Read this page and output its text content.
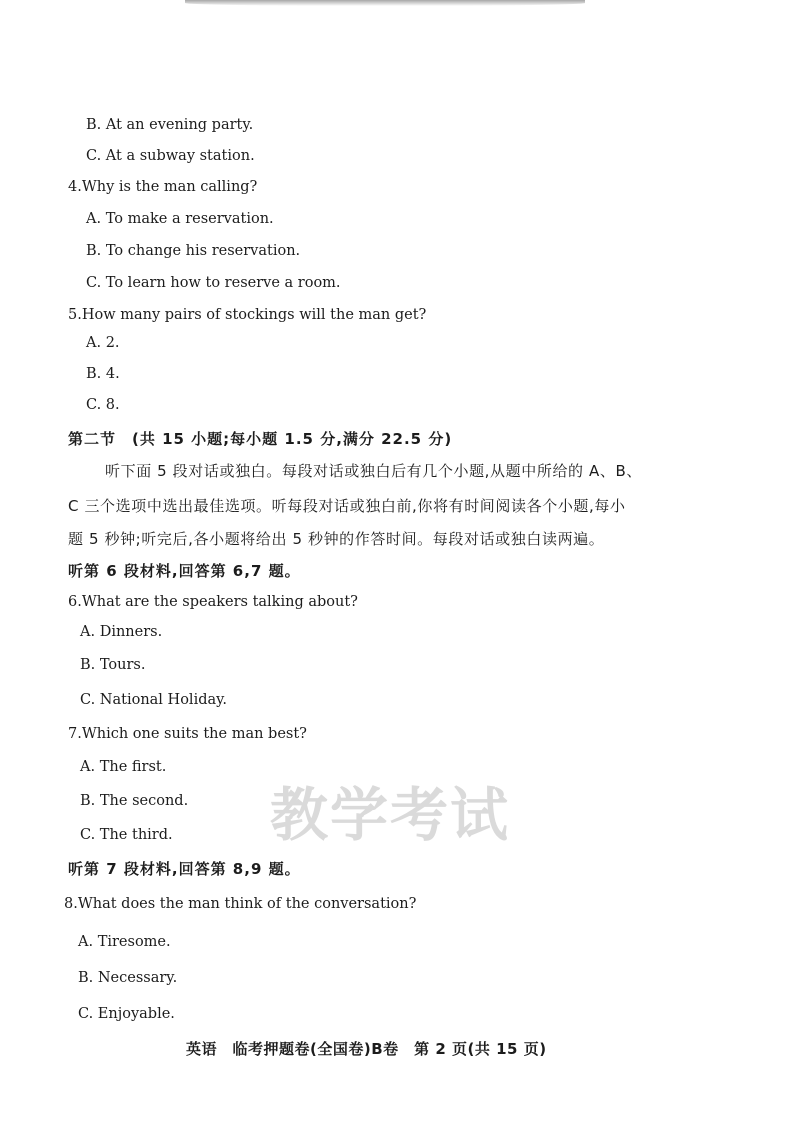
B. At an evening party.
C. At a subway station.
4.Why is the man calling?
A. To make a reservation.
B. To change his reservation.
C. To learn how to reserve a room.
5.How many pairs of stockings will the man get?
A. 2.
B. 4.
C. 8.
第二节　(共 15 小题;每小题 1.5 分,满分 22.5 分)
听下面 5 段对话或独白。每段对话或独白后有几个小题,从题中所给的 A、B、
C 三个选项中选出最佳选项。听每段对话或独白前,你将有时间阅读各个小题,每小
题 5 秒钟;听完后,各小题将给出 5 秒钟的作答时间。每段对话或独白读两遍。
听第 6 段材料,回答第 6,7 题。
6.What are the speakers talking about?
A. Dinners.
B. Tours.
C. National Holiday.
7.Which one suits the man best?
A. The first.
B. The second.
C. The third. 教学考试
听第 7 段材料,回答第 8,9 题。
8.What does the man think of the conversation?
A. Tiresome.
B. Necessary.
C. Enjoyable.
英语　临考押题卷(全国卷)B卷　第 2 页(共 15 页)
